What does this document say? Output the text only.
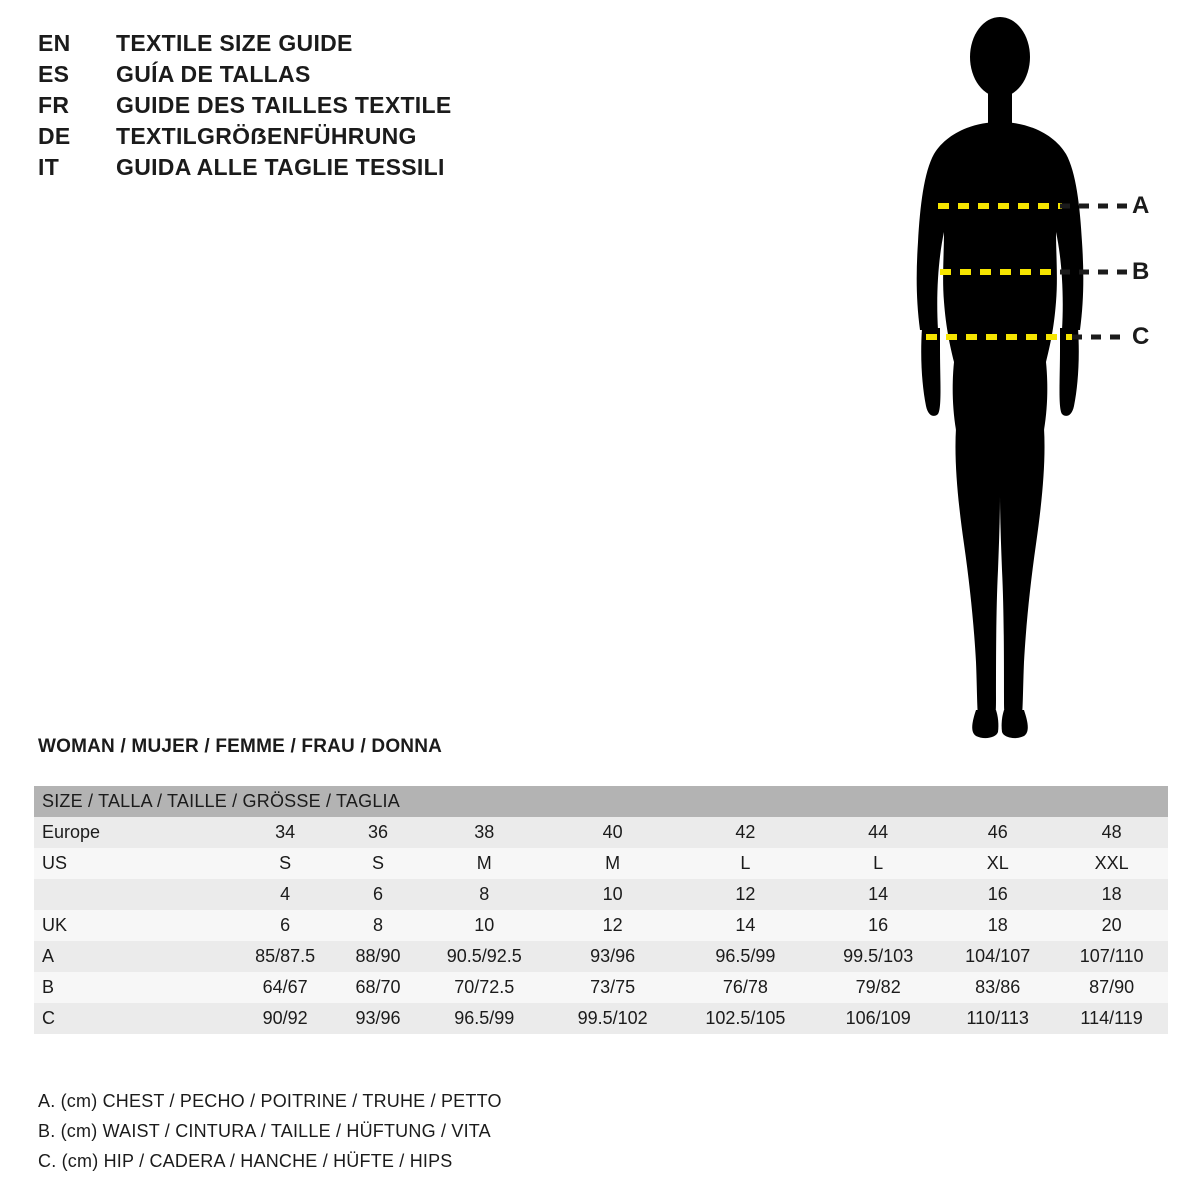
EN	TEXTILE SIZE GUIDE
ES	GUÍA DE TALLAS
FR	GUIDE DES TAILLES TEXTILE
DE	TEXTILGRÖẞENFÜHRUNG
IT	GUIDA ALLE TAGLIE TESSILI
A
B
C
WOMAN / MUJER / FEMME / FRAU / DONNA
SIZE / TALLA / TAILLE / GRÖSSE / TAGLIA								
Europe	34	36	38	40	42	44	46	48
US	S	S	M	M	L	L	XL	XXL
	4	6	8	10	12	14	16	18
UK	6	8	10	12	14	16	18	20
A	85/87.5	88/90	90.5/92.5	93/96	96.5/99	99.5/103	104/107	107/110
B	64/67	68/70	70/72.5	73/75	76/78	79/82	83/86	87/90
C	90/92	93/96	96.5/99	99.5/102	102.5/105	106/109	110/113	114/119
A. (cm) CHEST / PECHO / POITRINE / TRUHE / PETTO
B. (cm) WAIST / CINTURA / TAILLE / HÜFTUNG / VITA
C. (cm) HIP / CADERA / HANCHE / HÜFTE / HIPS
